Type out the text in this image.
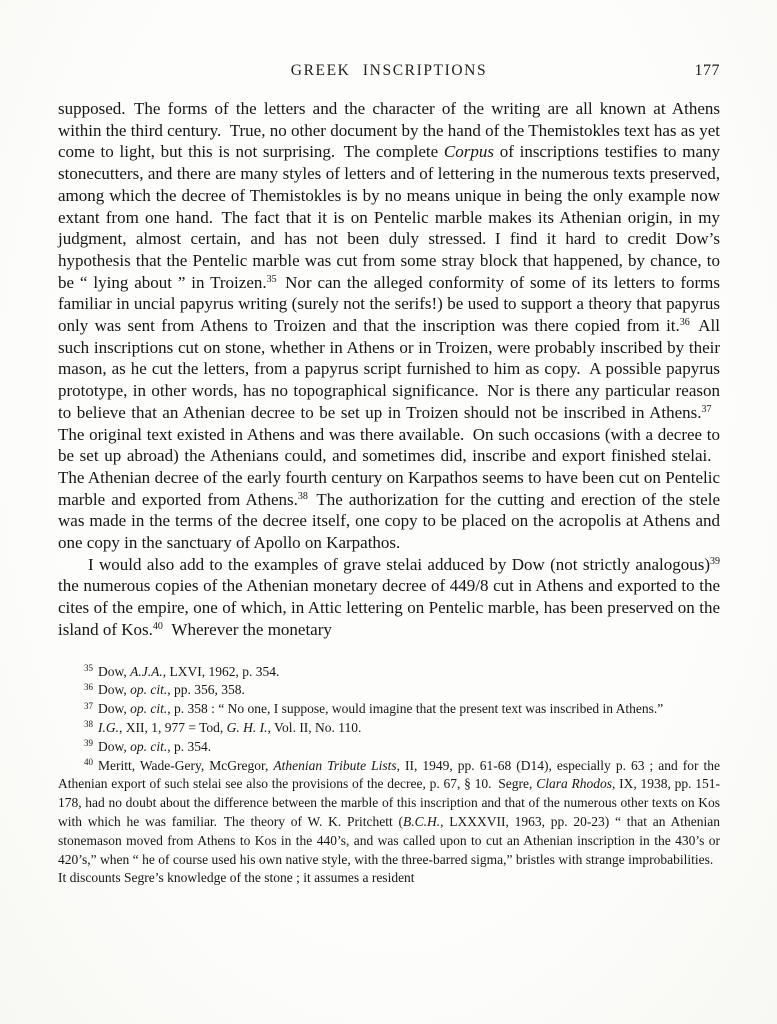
GREEK INSCRIPTIONS	177

supposed. The forms of the letters and the character of the writing are all known at Athens within the third century. True, no other document by the hand of the Themistokles text has as yet come to light, but this is not surprising. The complete Corpus of inscriptions testifies to many stonecutters, and there are many styles of letters and of lettering in the numerous texts preserved, among which the decree of Themistokles is by no means unique in being the only example now extant from one hand. The fact that it is on Pentelic marble makes its Athenian origin, in my judgment, almost certain, and has not been duly stressed. I find it hard to credit Dow’s hypothesis that the Pentelic marble was cut from some stray block that happened, by chance, to be “ lying about ” in Troizen.$^{35}$ Nor can the alleged conformity of some of its letters to forms familiar in uncial papyrus writing (surely not the serifs!) be used to support a theory that papyrus only was sent from Athens to Troizen and that the inscription was there copied from it.$^{36}$ All such inscriptions cut on stone, whether in Athens or in Troizen, were probably inscribed by their mason, as he cut the letters, from a papyrus script furnished to him as copy. A possible papyrus prototype, in other words, has no topographical significance. Nor is there any particular reason to believe that an Athenian decree to be set up in Troizen should not be inscribed in Athens.$^{37}$ The original text existed in Athens and was there available. On such occasions (with a decree to be set up abroad) the Athenians could, and sometimes did, inscribe and export finished stelai. The Athenian decree of the early fourth century on Karpathos seems to have been cut on Pentelic marble and exported from Athens.$^{38}$ The authorization for the cutting and erection of the stele was made in the terms of the decree itself, one copy to be placed on the acropolis at Athens and one copy in the sanctuary of Apollo on Karpathos.

I would also add to the examples of grave stelai adduced by Dow (not strictly analogous)$^{39}$ the numerous copies of the Athenian monetary decree of 449/8 cut in Athens and exported to the cites of the empire, one of which, in Attic lettering on Pentelic marble, has been preserved on the island of Kos.$^{40}$ Wherever the monetary

$^{35}$ Dow, A.J.A., LXVI, 1962, p. 354.

$^{36}$ Dow, op. cit., pp. 356, 358.

$^{37}$ Dow, op. cit., p. 358 : “ No one, I suppose, would imagine that the present text was inscribed in Athens.”

$^{38}$ I.G., XII, 1, 977 = Tod, G. H. I., Vol. II, No. 110.

$^{39}$ Dow, op. cit., p. 354.

$^{40}$ Meritt, Wade-Gery, McGregor, Athenian Tribute Lists, II, 1949, pp. 61-68 (D14), especially p. 63 ; and for the Athenian export of such stelai see also the provisions of the decree, p. 67, § 10. Segre, Clara Rhodos, IX, 1938, pp. 151-178, had no doubt about the difference between the marble of this inscription and that of the numerous other texts on Kos with which he was familiar. The theory of W. K. Pritchett (B.C.H., LXXXVII, 1963, pp. 20-23) “ that an Athenian stonemason moved from Athens to Kos in the 440’s, and was called upon to cut an Athenian inscription in the 430’s or 420’s,” when “ he of course used his own native style, with the three-barred sigma,” bristles with strange improbabilities. It discounts Segre’s knowledge of the stone ; it assumes a resident
